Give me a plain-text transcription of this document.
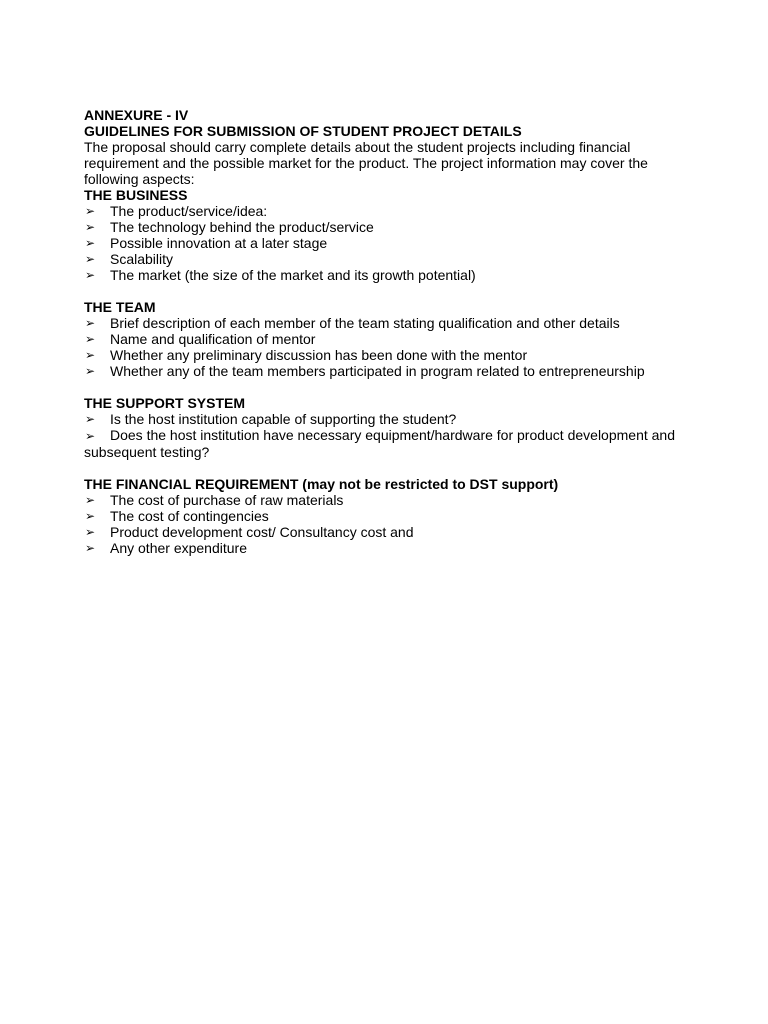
ANNEXURE - IV
GUIDELINES FOR SUBMISSION OF STUDENT PROJECT DETAILS

The proposal should carry complete details about the student projects including financial requirement and the possible market for the product. The project information may cover the following aspects:

THE BUSINESS
➢	The product/service/idea:
➢	The technology behind the product/service
➢	Possible innovation at a later stage
➢	Scalability
➢	The market (the size of the market and its growth potential)
THE TEAM
➢	Brief description of each member of the team stating qualification and other details
➢	Name and qualification of mentor
➢	Whether any preliminary discussion has been done with the mentor
➢	Whether any of the team members participated in program related to entrepreneurship
THE SUPPORT SYSTEM
➢	Is the host institution capable of supporting the student?
➢ Does the host institution have necessary equipment/hardware for product development and subsequent testing?
THE FINANCIAL REQUIREMENT (may not be restricted to DST support)
➢	The cost of purchase of raw materials
➢	The cost of contingencies
➢	Product development cost/ Consultancy cost and
➢	Any other expenditure
